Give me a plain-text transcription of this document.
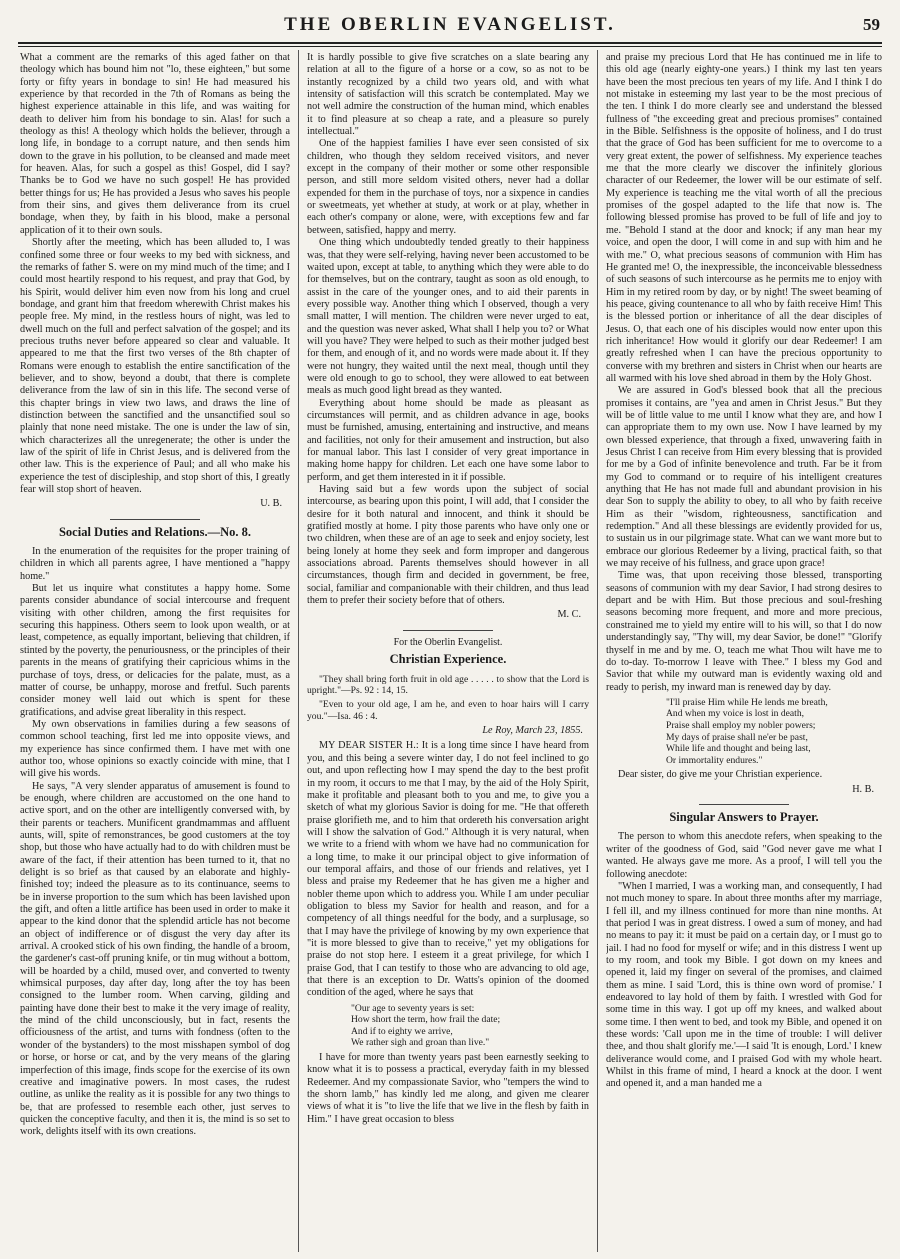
THE OBERLIN EVANGELIST.	59

What a comment are the remarks of this aged father on that theology which has bound him not "lo, these eighteen," but some forty or fifty years in bondage to sin! He had measured his experience by that recorded in the 7th of Romans as being the highest experience attainable in this life, and was waiting for death to deliver him from his bondage to sin. Alas! for such a theology as this! A theology which holds the believer, through a long life, in bondage to a corrupt nature, and then sends him down to the grave in his pollution, to be cleansed and made meet for heaven. Alas, for such a gospel as this! Gospel, did I say? Thanks be to God we have no such gospel! He has provided better things for us; He has provided a Jesus who saves his people from their sins, and gives them deliverance from its cruel bondage, when they, by faith in his blood, make a personal application of it to their own souls.

Shortly after the meeting, which has been alluded to, I was confined some three or four weeks to my bed with sickness, and the remarks of father S. were on my mind much of the time; and I could most heartily respond to his request, and pray that God, by his Spirit, would deliver him even now from his long and cruel bondage, and grant him that freedom wherewith Christ makes his people free. My mind, in the restless hours of night, was led to dwell much on the full and perfect salvation of the gospel; and its precious truths never before appeared so clear and valuable. It appeared to me that the first two verses of the 8th chapter of Romans were enough to establish the entire sanctification of the believer, and to show, beyond a doubt, that there is complete deliverance from the law of sin in this life. The second verse of this chapter brings in view two laws, and draws the line of distinction between the sanctified and the unsanctified soul so plainly that none need mistake. The one is under the law of sin, which characterizes all the unregenerate; the other is under the law of the spirit of life in Christ Jesus, and is delivered from the other law. This is the experience of Paul; and all who make his experience the test of discipleship, and stop short of this, I greatly fear will stop short of heaven.

U. B.
Social Duties and Relations.—No. 8.

In the enumeration of the requisites for the proper training of children in which all parents agree, I have mentioned a "happy home."

But let us inquire what constitutes a happy home. Some parents consider abundance of social intercourse and frequent visiting with other children, among the first requisites for securing this happiness. Others seem to look upon wealth, or at least, competence, as equally important, believing that children, if stinted by the poverty, the penuriousness, or the principles of their parents in the means of gratifying their capricious whims in the purchase of toys, dress, or delicacies for the palate, must, as a matter of course, be unhappy, morose and fretful. Such parents consider money well laid out which is spent for these gratifications, and advise great liberality in this respect.

My own observations in families during a few seasons of common school teaching, first led me into opposite views, and my experience has since confirmed them. I have met with one author too, whose opinions so exactly coincide with mine, that I will give his words.

He says, "A very slender apparatus of amusement is found to be enough, where children are accustomed on the one hand to active sport, and on the other are intelligently conversed with, by their parents or teachers. Munificent grandmammas and affluent aunts, will, spite of remonstrances, be good customers at the toy shop, but those who have actually had to do with children must be aware of the fact, if their attention has been turned to it, that no delight is so brief as that caused by an elaborate and highly-finished toy; indeed the pleasure as to its continuance, seems to be in inverse proportion to the sum which has been lavished upon the gift, and often a little artifice has been used in order to make it appear to the kind donor that the splendid article has not become an object of indifference or of disgust the very day after its arrival. A crooked stick of his own finding, the handle of a broom, the gardener's cast-off pruning knife, or tin mug without a bottom, will be hoarded by a child, mused over, and converted to twenty whimsical purposes, day after day, long after the toy has been consigned to the lumber room. When carving, gilding and painting have done their best to make it the very image of reality, the mind of the child unconsciously, but in fact, resents the officiousness of the artist, and turns with fondness (often to the wonder of the bystanders) to the most misshapen symbol of dog or horse, or horse or cat, and by the very means of the glaring imperfection of this image, finds scope for the exercise of its own creative and imaginative powers. In most cases, the rudest outline, as unlike the reality as it is possible for any two things to be, that are professed to resemble each other, just serves to quicken the conceptive faculty, and then it is, the mind is so set to work, delights itself with its own creations.

It is hardly possible to give five scratches on a slate bearing any relation at all to the figure of a horse or a cow, so as not to be instantly recognized by a child two years old, and with what intensity of satisfaction will this scratch be contemplated. May we not well admire the construction of the human mind, which enables it to find pleasure at so cheap a rate, and a pleasure so purely intellectual."

One of the happiest families I have ever seen consisted of six children, who though they seldom received visitors, and never except in the company of their mother or some other responsible person, and still more seldom visited others, never had a dollar expended for them in the purchase of toys, nor a sixpence in candies or sweetmeats, yet whether at study, at work or at play, whether in each other's company or alone, were, with exceptions few and far between, satisfied, happy and merry.

One thing which undoubtedly tended greatly to their happiness was, that they were self-relying, having never been accustomed to be waited upon, except at table, to anything which they were able to do for themselves, but on the contrary, taught as soon as old enough, to assist in the care of the younger ones, and to aid their parents in every possible way. Another thing which I observed, though a very small matter, I will mention. The children were never urged to eat, and the question was never asked, What shall I help you to? or What will you have? They were helped to such as their mother judged best for them, and enough of it, and no words were made about it. If they were not hungry, they waited until the next meal, though until they were old enough to go to school, they were allowed to eat between meals as much good light bread as they wanted.

Everything about home should be made as pleasant as circumstances will permit, and as children advance in age, books must be furnished, amusing, entertaining and instructive, and means and facilities, not only for their amusement and instruction, but also for manual labor. This last I consider of very great importance in making home happy for children. Let each one have some labor to perform, and get them interested in it if possible.

Having said but a few words upon the subject of social intercourse, as bearing upon this point, I will add, that I consider the desire for it both natural and innocent, and think it should be gratified mostly at home. I pity those parents who have only one or two children, when these are of an age to seek and enjoy society, lest being lonely at home they seek and form improper and dangerous associations abroad. Parents themselves should however in all circumstances, though firm and decided in government, be free, social, familiar and companionable with their children, and thus lead them to prefer their society before that of others.

M. C.
For the Oberlin Evangelist.
Christian Experience.

"They shall bring forth fruit in old age . . . . . to show that the Lord is upright."—Ps. 92 : 14, 15.

"Even to your old age, I am he, and even to hoar hairs will I carry you."—Isa. 46 : 4.

Le Roy, March 23, 1855.

MY DEAR SISTER H.: It is a long time since I have heard from you, and this being a severe winter day, I do not feel inclined to go out, and upon reflecting how I may spend the day to the best profit in my room, it occurs to me that I may, by the aid of the Holy Spirit, make it profitable and pleasant both to you and me, to give you a sketch of what my glorious Savior is doing for me. "He that offereth praise glorifieth me, and to him that ordereth his conversation aright will I show the salvation of God." Although it is very natural, when we write to a friend with whom we have had no communication for a long time, to make it our principal object to give information of our temporal affairs, and those of our friends and relatives, yet I bless and praise my Redeemer that he has given me a higher and nobler theme upon which to address you. While I am under peculiar obligation to bless my Savior for health and reason, and for a competency of all things needful for the body, and a surplusage, so that I may have the privilege of knowing by my own experience that "it is more blessed to give than to receive," yet my obligations for praise do not stop here. I esteem it a great privilege, for which I praise God, that I can testify to those who are advancing to old age, that there is an exception to Dr. Watts's opinion of the doomed condition of the aged, where he says that

"Our age to seventy years is set:
How short the term, how frail the date;
And if to eighty we arrive,
We rather sigh and groan than live."

I have for more than twenty years past been earnestly seeking to know what it is to possess a practical, everyday faith in my blessed Redeemer. And my compassionate Savior, who "tempers the wind to the shorn lamb," has kindly led me along, and given me clearer views of what it is "to live the life that we live in the flesh by faith in Him." I have great occasion to bless

and praise my precious Lord that He has continued me in life to this old age (nearly eighty-one years.) I think my last ten years have been the most precious ten years of my life. And I think I do not mistake in esteeming my last year to be the most precious of the ten. I think I do more clearly see and understand the blessed fullness of "the exceeding great and precious promises" contained in the Bible. Selfishness is the opposite of holiness, and I do trust that the grace of God has been sufficient for me to overcome to a very great extent, the power of selfishness. My experience teaches me that the more clearly we discover the infinitely glorious character of our Redeemer, the lower will be our estimate of self. My experience is teaching me the vital worth of all the precious promises of the gospel adapted to the life that now is. The following blessed promise has proved to be full of life and joy to me. "Behold I stand at the door and knock; if any man hear my voice, and open the door, I will come in and sup with him and he with me." O, what precious seasons of communion with Him has He granted me! O, the inexpressible, the inconceivable blessedness of such seasons of such intercourse as he permits me to enjoy with Him in my retired room by day, or by night! The sweet beaming of his peace, giving countenance to all who by faith receive Him! This is the blessed portion or inheritance of all the dear disciples of Jesus. O, that each one of his disciples would now enter upon this rich inheritance! How would it glorify our dear Redeemer! I am greatly refreshed when I can have the precious opportunity to converse with my brethren and sisters in Christ when our hearts are all warmed with his love shed abroad in them by the Holy Ghost.

We are assured in God's blessed book that all the precious promises it contains, are "yea and amen in Christ Jesus." But they will be of little value to me until I know what they are, and how I can appropriate them to my own use. Now I have learned by my own blessed experience, that through a fixed, unwavering faith in Jesus Christ I can receive from Him every blessing that is provided for me by a God of infinite benevolence and truth. Far be it from my God to command or to require of his intelligent creatures anything that He has not made full and abundant provision in his dear Son to supply the ability to obey, to all who by faith receive Him as their "wisdom, righteousness, sanctification and redemption." And all these blessings are evidently provided for us, to sustain us in our pilgrimage state. What can we want more but to embrace our glorious Redeemer by a living, practical faith, so that we may receive of his fullness, and grace upon grace!

Time was, that upon receiving those blessed, transporting seasons of communion with my dear Savior, I had strong desires to depart and be with Him. But those precious and soul-freshing seasons becoming more frequent, and more and more precious, constrained me to yield my entire will to his will, so that I do now understandingly say, "Thy will, my dear Savior, be done!" "Glorify thyself in me and by me. O, teach me what Thou wilt have me to do to-day. To-morrow I leave with Thee." I bless my God and Savior that while my outward man is evidently waxing old and ready to perish, my inward man is renewed day by day.

"I'll praise Him while He lends me breath,
And when my voice is lost in death,
Praise shall employ my nobler powers;
My days of praise shall ne'er be past,
While life and thought and being last,
Or immortality endures."

Dear sister, do give me your Christian experience.

H. B.
Singular Answers to Prayer.

The person to whom this anecdote refers, when speaking to the writer of the goodness of God, said "God never gave me what I wanted. He always gave me more. As a proof, I will tell you the following anecdote:

"When I married, I was a working man, and consequently, I had not much money to spare. In about three months after my marriage, I fell ill, and my illness continued for more than nine months. At that period I was in great distress. I owed a sum of money, and had no means to pay it: it must be paid on a certain day, or I must go to jail. I had no food for myself or wife; and in this distress I went up to my room, and took my Bible. I got down on my knees and opened it, laid my finger on several of the promises, and claimed them as mine. I said 'Lord, this is thine own word of promise.' I endeavored to lay hold of them by faith. I wrestled with God for some time in this way. I got up off my knees, and walked about some time. I then went to bed, and took my Bible, and opened it on these words: 'Call upon me in the time of trouble: I will deliver thee, and thou shalt glorify me.'—I said 'It is enough, Lord.' I knew deliverance would come, and I praised God with my whole heart. Whilst in this frame of mind, I heard a knock at the door. I went and opened it, and a man handed me a
